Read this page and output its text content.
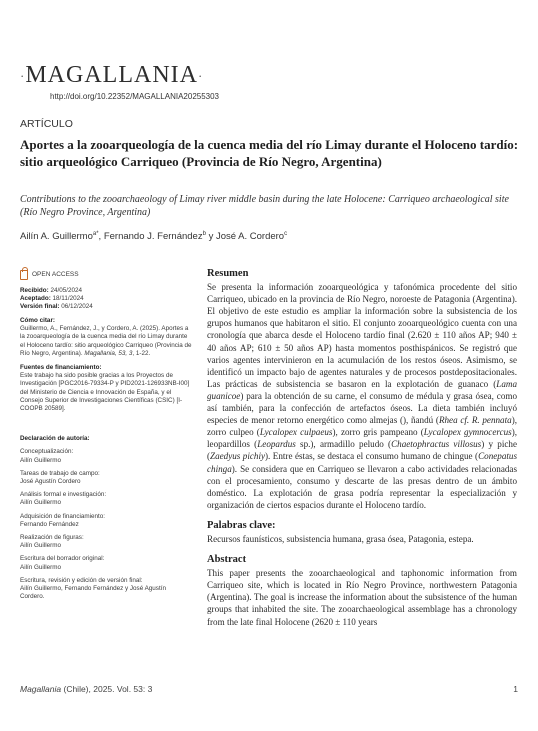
·MAGALLANIA·
http://doi.org/10.22352/MAGALLANIA20255303
ARTÍCULO
Aportes a la zooarqueología de la cuenca media del río Limay durante el Holoceno tardío: sitio arqueológico Carriqueo (Provincia de Río Negro, Argentina)
Contributions to the zooarchaeology of Limay river middle basin during the late Holocene: Carriqueo archaeological site (Río Negro Province, Argentina)
Ailín A. Guillermo$^{a*}$, Fernando J. Fernández$^b$ y José A. Cordero$^c$
OPEN ACCESS
Recibido: 24/05/2024
Aceptado: 18/11/2024
Versión final: 06/12/2024
Cómo citar:
Guillermo, A., Fernández, J., y Cordero, A. (2025). Aportes a la zooarqueología de la cuenca media del río Limay durante el Holoceno tardío: sitio arqueológico Carriqueo (Provincia de Río Negro, Argentina). Magallania, 53, 3, 1-22.
Fuentes de financiamiento:
Este trabajo ha sido posible gracias a los Proyectos de Investigación [PGC2016-79334-P y PID2021-126933NB-I00] del Ministerio de Ciencia e Innovación de España, y el Consejo Superior de Investigaciones Científicas (CSIC) [I-COOPB 20589].
Declaración de autoría:
Conceptualización:
Ailín Guillermo
Tareas de trabajo de campo:
José Agustín Cordero
Análisis formal e investigación:
Ailín Guillermo
Adquisición de financiamiento:
Fernando Fernández
Realización de figuras:
Ailín Guillermo
Escritura del borrador original:
Ailín Guillermo
Escritura, revisión y edición de versión final:
Ailín Guillermo, Fernando Fernández y José Agustín Cordero.
Resumen

Se presenta la información zooarqueológica y tafonómica procedente del sitio Carriqueo, ubicado en la provincia de Río Negro, noroeste de Patagonia (Argentina). El objetivo de este estudio es ampliar la información sobre la subsistencia de los grupos humanos que habitaron el sitio. El conjunto zooarqueológico cuenta con una cronología que abarca desde el Holoceno tardío final (2.620 ± 110 años AP; 940 ± 40 años AP; 610 ± 50 años AP) hasta momentos posthispánicos. Se registró que varios agentes intervinieron en la acumulación de los restos óseos. Asimismo, se identificó un impacto bajo de agentes naturales y de procesos postdepositacionales. Las prácticas de subsistencia se basaron en la explotación de guanaco (Lama guanicoe) para la obtención de su carne, el consumo de médula y grasa ósea, como así también, para la confección de artefactos óseos. La dieta también incluyó especies de menor retorno energético como almejas (), ñandú (Rhea cf. R. pennata), zorro culpeo (Lycalopex culpaeus), zorro gris pampeano (Lycalopex gymnocercus), leopardillos (Leopardus sp.), armadillo peludo (Chaetophractus villosus) y piche (Zaedyus pichiy). Entre éstas, se destaca el consumo humano de chingue (Conepatus chinga). Se considera que en Carriqueo se llevaron a cabo actividades relacionadas con el procesamiento, consumo y descarte de las presas dentro de un ámbito doméstico. La explotación de grasa podría representar la especialización y organización de ciertos espacios durante el Holoceno tardío.

Palabras clave:

Recursos faunísticos, subsistencia humana, grasa ósea, Patagonia, estepa.

Abstract

This paper presents the zooarchaeological and taphonomic information from Carriqueo site, which is located in Río Negro Province, northwestern Patagonia (Argentina). The goal is increase the information about the subsistence of the human groups that inhabited the site. The zooarchaeological assemblage has a chronology from the late final Holocene (2620 ± 110 years

Magallania (Chile), 2025. Vol. 53: 3	1
